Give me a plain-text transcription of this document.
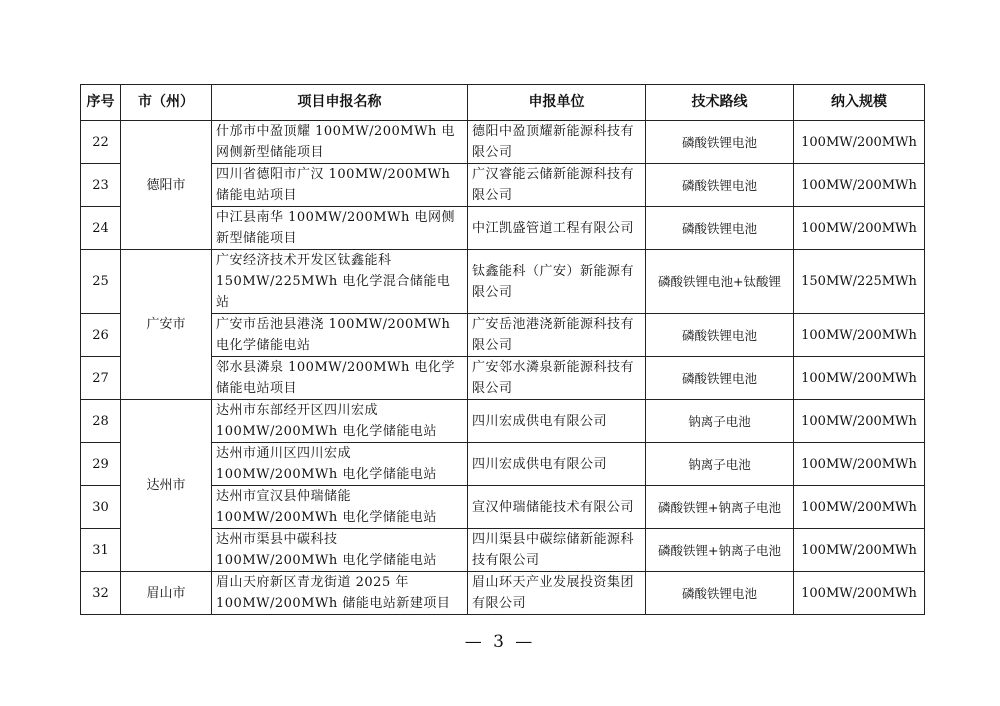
序号	市（州）	项目申报名称	申报单位	技术路线	纳入规模
22	德阳市	什邡市中盈顶耀 100MW/200MWh 电网侧新型储能项目	德阳中盈顶耀新能源科技有限公司	磷酸铁锂电池	100MW/200MWh
23		四川省德阳市广汉 100MW/200MWh 储能电站项目	广汉睿能云储新能源科技有限公司	磷酸铁锂电池	100MW/200MWh
24		中江县南华 100MW/200MWh 电网侧新型储能项目	中江凯盛管道工程有限公司	磷酸铁锂电池	100MW/200MWh
25	广安市	广安经济技术开发区钛鑫能科 150MW/225MWh 电化学混合储能电站	钛鑫能科（广安）新能源有限公司	磷酸铁锂电池+钛酸锂	150MW/225MWh
26		广安市岳池县港浇 100MW/200MWh 电化学储能电站	广安岳池港浇新能源科技有限公司	磷酸铁锂电池	100MW/200MWh
27		邻水县潾泉 100MW/200MWh 电化学储能电站项目	广安邻水潾泉新能源科技有限公司	磷酸铁锂电池	100MW/200MWh
28	达州市	达州市东部经开区四川宏成 100MW/200MWh 电化学储能电站	四川宏成供电有限公司	钠离子电池	100MW/200MWh
29		达州市通川区四川宏成 100MW/200MWh 电化学储能电站	四川宏成供电有限公司	钠离子电池	100MW/200MWh
30		达州市宣汉县仲瑞储能 100MW/200MWh 电化学储能电站	宣汉仲瑞储能技术有限公司	磷酸铁锂+钠离子电池	100MW/200MWh
31		达州市渠县中碳科技 100MW/200MWh 电化学储能电站	四川渠县中碳综储新能源科技有限公司	磷酸铁锂+钠离子电池	100MW/200MWh
32	眉山市	眉山天府新区青龙街道 2025 年 100MW/200MWh 储能电站新建项目	眉山环天产业发展投资集团有限公司	磷酸铁锂电池	100MW/200MWh
— 3 —
